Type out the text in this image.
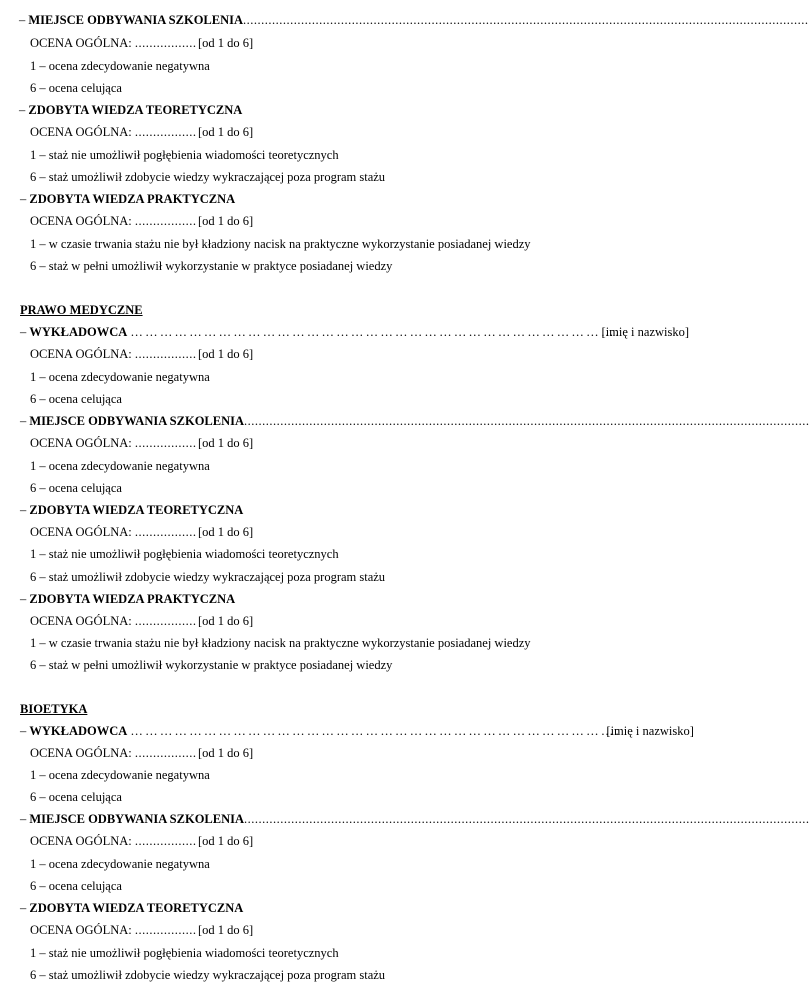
– MIEJSCE ODBYWANIA SZKOLENIA............................................................................................................................................................
OCENA OGÓLNA: ................. [od 1 do 6]
1 – ocena zdecydowanie negatywna
6 – ocena celująca
– ZDOBYTA WIEDZA TEORETYCZNA
OCENA OGÓLNA: ................. [od 1 do 6]
1 – staż nie umożliwił pogłębienia wiadomości teoretycznych
6 – staż umożliwił zdobycie wiedzy wykraczającej poza program stażu
– ZDOBYTA WIEDZA PRAKTYCZNA
OCENA OGÓLNA: ................. [od 1 do 6]
1 – w czasie trwania stażu nie był kładziony nacisk na praktyczne wykorzystanie posiadanej wiedzy
6 – staż w pełni umożliwił wykorzystanie w praktyce posiadanej wiedzy
PRAWO MEDYCZNE
– WYKŁADOWCA ………………………………………………………………………………………. [imię i nazwisko]
OCENA OGÓLNA: ................. [od 1 do 6]
1 – ocena zdecydowanie negatywna
6 – ocena celująca
– MIEJSCE ODBYWANIA SZKOLENIA............................................................................................................................................................
OCENA OGÓLNA: ................. [od 1 do 6]
1 – ocena zdecydowanie negatywna
6 – ocena celująca
– ZDOBYTA WIEDZA TEORETYCZNA
OCENA OGÓLNA: ................. [od 1 do 6]
1 – staż nie umożliwił pogłębienia wiadomości teoretycznych
6 – staż umożliwił zdobycie wiedzy wykraczającej poza program stażu
– ZDOBYTA WIEDZA PRAKTYCZNA
OCENA OGÓLNA: ................. [od 1 do 6]
1 – w czasie trwania stażu nie był kładziony nacisk na praktyczne wykorzystanie posiadanej wiedzy
6 – staż w pełni umożliwił wykorzystanie w praktyce posiadanej wiedzy
BIOETYKA
– WYKŁADOWCA ……………………………………………………………………………………….[imię i nazwisko]
OCENA OGÓLNA: ................. [od 1 do 6]
1 – ocena zdecydowanie negatywna
6 – ocena celująca
– MIEJSCE ODBYWANIA SZKOLENIA............................................................................................................................................................
OCENA OGÓLNA: ................. [od 1 do 6]
1 – ocena zdecydowanie negatywna
6 – ocena celująca
– ZDOBYTA WIEDZA TEORETYCZNA
OCENA OGÓLNA: ................. [od 1 do 6]
1 – staż nie umożliwił pogłębienia wiadomości teoretycznych
6 – staż umożliwił zdobycie wiedzy wykraczającej poza program stażu
